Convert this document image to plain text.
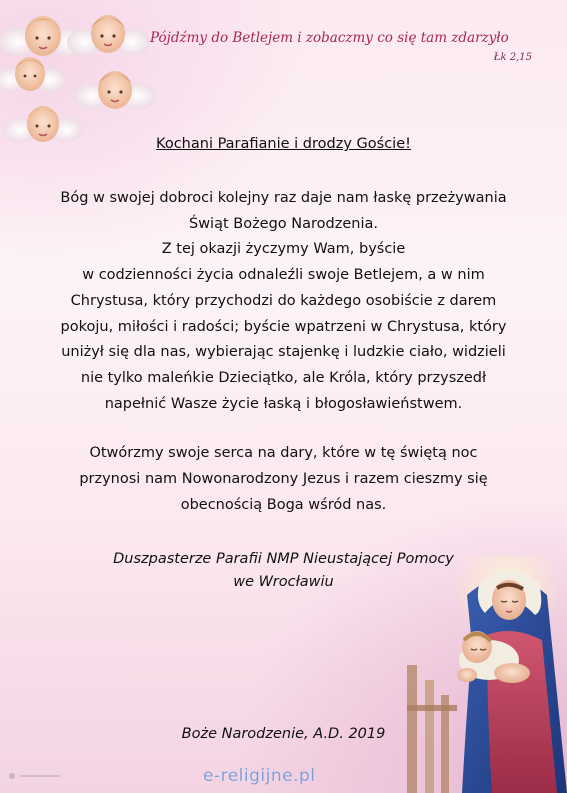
Pójdźmy do Betlejem i zobaczmy co się tam zdarzyło
Łk 2,15
Kochani Parafianie i drodzy Goście!
Bóg w swojej dobroci kolejny raz daje nam łaskę przeżywania
Świąt Bożego Narodzenia.
Z tej okazji życzymy Wam, byście
w codzienności życia odnaleźli swoje Betlejem, a w nim
Chrystusa, który przychodzi do każdego osobiście z darem
pokoju, miłości i radości; byście wpatrzeni w Chrystusa, który
uniżył się dla nas, wybierając stajenkę i ludzkie ciało, widzieli
nie tylko maleńkie Dzieciątko, ale Króla, który przyszedł
napełnić Wasze życie łaską i błogosławieństwem.
Otwórzmy swoje serca na dary, które w tę świętą noc
przynosi nam Nowonarodzony Jezus i razem cieszmy się
obecnością Boga wśród nas.
Duszpasterze Parafii NMP Nieustającej Pomocy
we Wrocławiu
Boże Narodzenie, A.D. 2019
e-religijne.pl
